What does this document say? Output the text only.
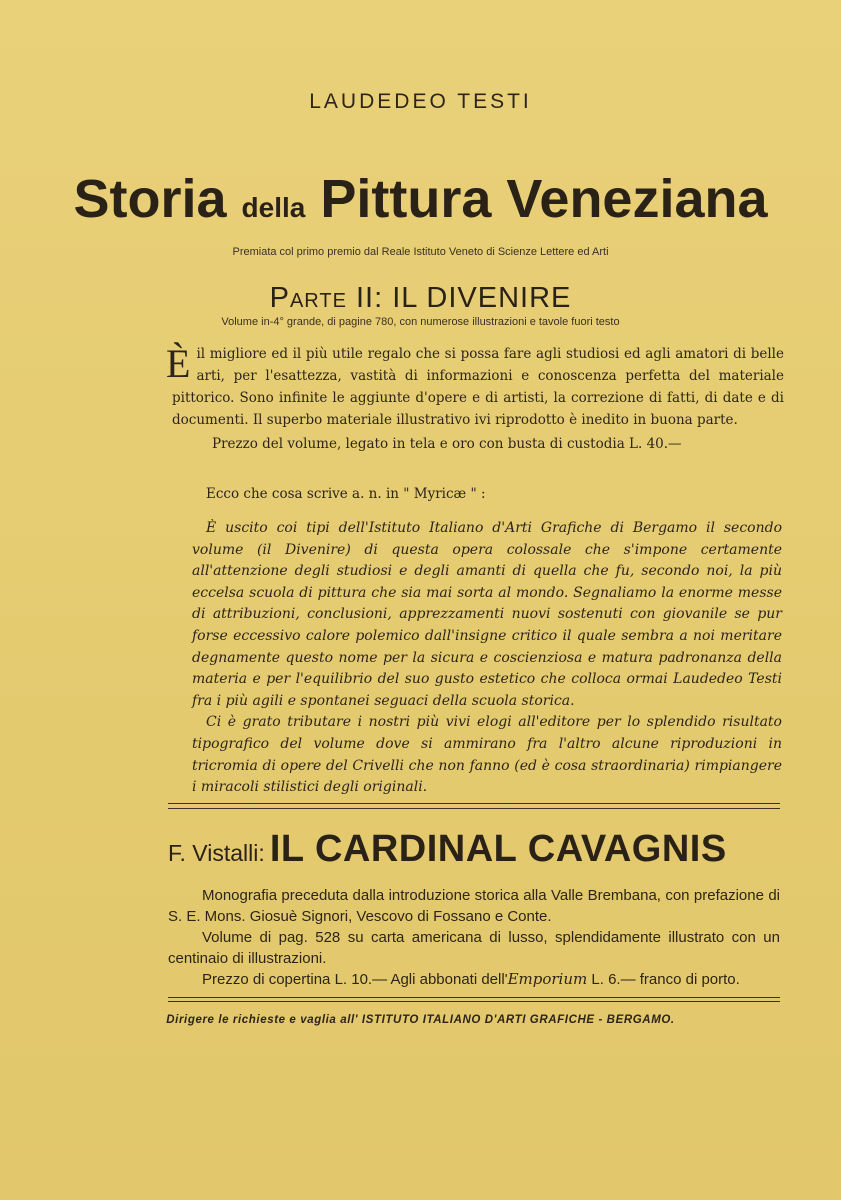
LAUDEDEO TESTI
Storia della Pittura Veneziana
Premiata col primo premio dal Reale Istituto Veneto di Scienze Lettere ed Arti
Parte II: IL DIVENIRE
Volume in-4° grande, di pagine 780, con numerose illustrazioni e tavole fuori testo
È il migliore ed il più utile regalo che si possa fare agli studiosi ed agli amatori di belle arti, per l'esattezza, vastità di informazioni e conoscenza perfetta del materiale pittorico. Sono infinite le aggiunte d'opere e di artisti, la correzione di fatti, di date e di documenti. Il superbo materiale illustrativo ivi riprodotto è inedito in buona parte.
Prezzo del volume, legato in tela e oro con busta di custodia L. 40.—
Ecco che cosa scrive a. n. in " Myricæ " :

È uscito coi tipi dell'Istituto Italiano d'Arti Grafiche di Bergamo il secondo volume (il Divenire) di questa opera colossale che s'impone certamente all'attenzione degli studiosi e degli amanti di quella che fu, secondo noi, la più eccelsa scuola di pittura che sia mai sorta al mondo. Segnaliamo la enorme messe di attribuzioni, conclusioni, apprezzamenti nuovi sostenuti con giovanile se pur forse eccessivo calore polemico dall'insigne critico il quale sembra a noi meritare degnamente questo nome per la sicura e coscienziosa e matura padronanza della materia e per l'equilibrio del suo gusto estetico che colloca ormai Laudedeo Testi fra i più agili e spontanei seguaci della scuola storica.

Ci è grato tributare i nostri più vivi elogi all'editore per lo splendido risultato tipografico del volume dove si ammirano fra l'altro alcune riproduzioni in tricromia di opere del Crivelli che non fanno (ed è cosa straordinaria) rimpiangere i miracoli stilistici degli originali.

F. Vistalli: IL CARDINAL CAVAGNIS

Monografia preceduta dalla introduzione storica alla Valle Brembana, con prefazione di S. E. Mons. Giosuè Signori, Vescovo di Fossano e Conte.

Volume di pag. 528 su carta americana di lusso, splendidamente illustrato con un centinaio di illustrazioni.

Prezzo di copertina L. 10.— Agli abbonati dell'Emporium L. 6.— franco di porto.

Dirigere le richieste e vaglia all' ISTITUTO ITALIANO D'ARTI GRAFICHE - BERGAMO.
